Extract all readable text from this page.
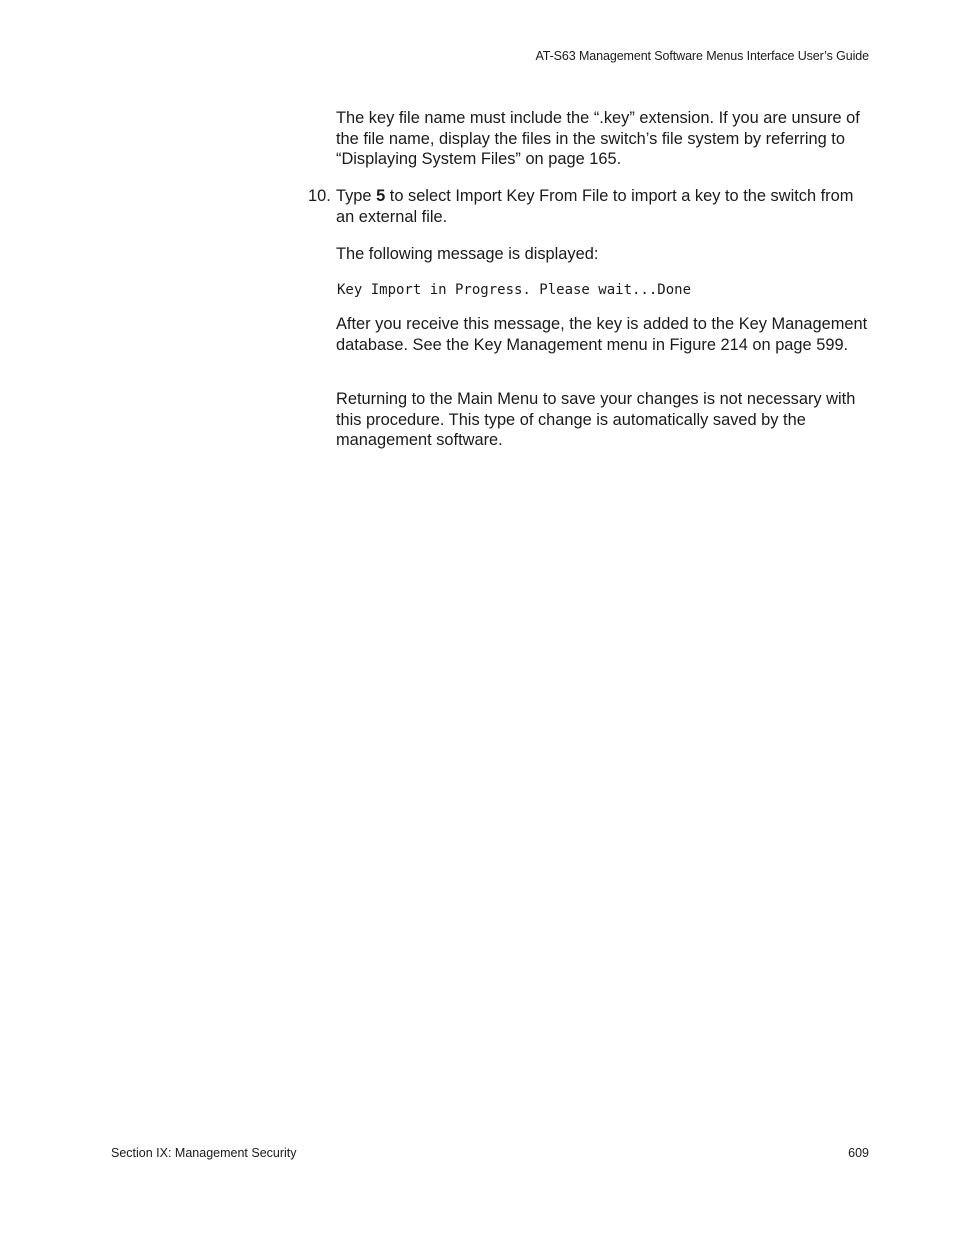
AT-S63 Management Software Menus Interface User’s Guide

The key file name must include the “.key” extension. If you are unsure of the file name, display the files in the switch’s file system by referring to “Displaying System Files” on page 165.

10. Type 5 to select Import Key From File to import a key to the switch from an external file.

The following message is displayed:

Key Import in Progress. Please wait...Done

After you receive this message, the key is added to the Key Management database. See the Key Management menu in Figure 214 on page 599.

Returning to the Main Menu to save your changes is not necessary with this procedure. This type of change is automatically saved by the management software.

Section IX: Management Security	609
